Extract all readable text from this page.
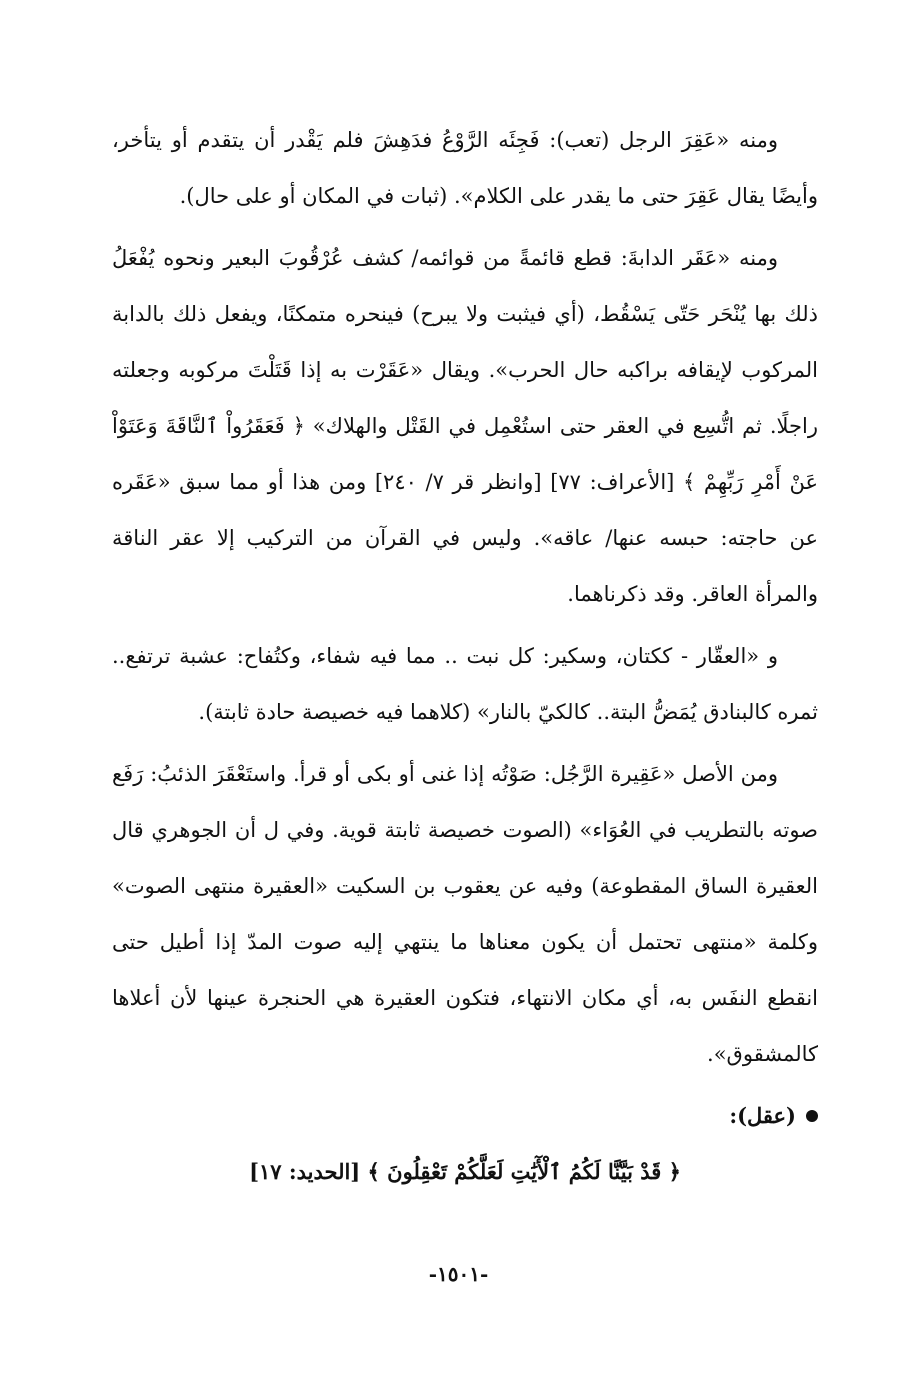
ومنه «عَقِرَ الرجل (تعب): فَجِئَه الرَّوْعُ فدَهِشَ فلم يَقْدر أن يتقدم أو يتأخر، وأيضًا يقال عَقِرَ حتى ما يقدر على الكلام». (ثبات في المكان أو على حال).

ومنه «عَقَر الدابةَ: قطع قائمةً من قوائمه/ كشف عُرْقُوبَ البعير ونحوه يُفْعَلُ ذلك بها يُنْحَر حَتّى يَسْقُط، (أي فيثبت ولا يبرح) فينحره متمكنًا، ويفعل ذلك بالدابة المركوب لإيقافه براكبه حال الحرب». ويقال «عَقَرْت به إذا قَتَلْتَ مركوبه وجعلته راجلًا. ثم اتُّسِع في العقر حتى استُعْمِل في القَتْل والهلاك» ﴿ فَعَقَرُواْ ٱلنَّاقَةَ وَعَتَوْاْ عَنْ أَمْرِ رَبِّهِمْ ﴾ [الأعراف: ٧٧] [وانظر قر ٧/ ٢٤٠] ومن هذا أو مما سبق «عَقَره عن حاجته: حبسه عنها/ عاقه». وليس في القرآن من التركيب إلا عقر الناقة والمرأة العاقر. وقد ذكرناهما.

و «العقّار - ككتان، وسكير: كل نبت .. مما فيه شفاء، وكتُفاح: عشبة ترتفع.. ثمره كالبنادق يُمَضُّ البتة.. كالكيّ بالنار» (كلاهما فيه خصيصة حادة ثابتة).

ومن الأصل «عَقِيرة الرَّجُل: صَوْتُه إذا غنى أو بكى أو قرأ. واستَعْقَرَ الذئبُ: رَفَع صوته بالتطريب في العُوَاء» (الصوت خصيصة ثابتة قوية. وفي ل أن الجوهري قال العقيرة الساق المقطوعة) وفيه عن يعقوب بن السكيت «العقيرة منتهى الصوت» وكلمة «منتهى تحتمل أن يكون معناها ما ينتهي إليه صوت المدّ إذا أطيل حتى انقطع النفَس به، أي مكان الانتهاء، فتكون العقيرة هي الحنجرة عينها لأن أعلاها كالمشقوق».

(عقل):

﴿ قَدْ بَيَّنَّا لَكُمُ ٱلْأٓيَٰتِ لَعَلَّكُمْ تَعْقِلُونَ ﴾ [الحديد: ١٧]

-١٥٠١-
